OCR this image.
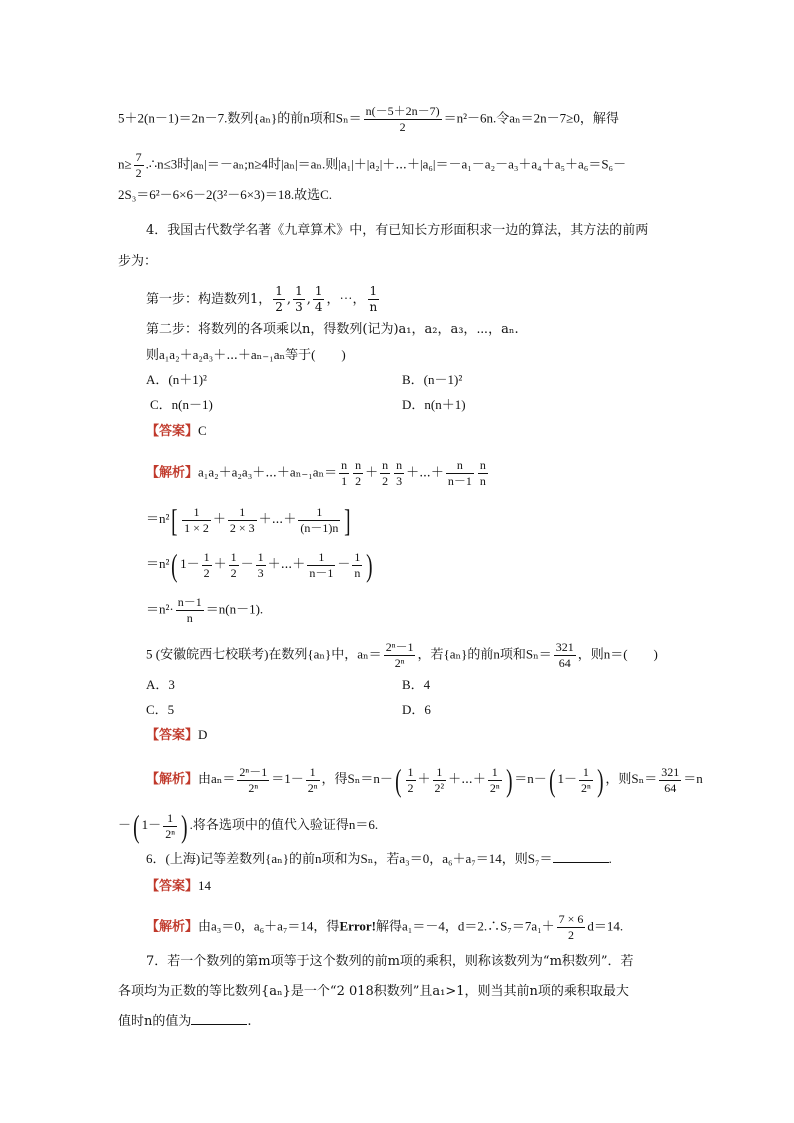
5＋2(n－1)＝2n－7.数列{aₙ}的前n项和$S_n= \frac{n(-5+2n-7)}{2} =n^2-6n$.令aₙ＝2n－7≥0，解得
$n\ge \frac{7}{2}$ .∴n≤3时|aₙ|＝－aₙ;n≥4时|aₙ|＝aₙ.则|a₁|＋|a₂|＋⋯＋|a₆|＝－a₁－a₂－a₃＋a₄＋a₅＋a₆＝S₆－
2S₃＝6²－6×6－2(3²－6×3)＝18.故选C.
4．我国古代数学名著《九章算术》中，有已知长方形面积求一边的算法，其方法的前两
步为：
第一步：构造数列1， $\frac{1}{2}$ , $\frac{1}{3}$ , $\frac{1}{4}$ ，⋯， $\frac{1}{n}$
第二步：将数列的各项乘以n，得数列(记为)a₁，a₂，a₃，⋯，aₙ.
则a₁a₂＋a₂a₃＋⋯＋aₙ₋₁aₙ等于(　　)
A．(n＋1)²	B．(n－1)²
C．n(n－1)	D．n(n＋1)
【答案】C
【解析】a₁a₂＋a₂a₃＋⋯＋aₙ₋₁aₙ＝ $\frac{n}{1} \frac{n}{2} + \frac{n}{2} \frac{n}{3}$ ＋⋯＋ $\frac{n}{n-1} \frac{n}{n}$
$=n^2[ \frac{1}{1 \times 2} + \frac{1}{2 \times 3}$ ＋⋯＋ $\frac{1}{(n-1)n}$ ]
＝n²( $1- \frac{1}{2} + \frac{1}{2} - \frac{1}{3}$ ＋⋯＋ $\frac{1}{n-1} - \frac{1}{n}$ )
$=n^2\cdot \frac{n-1}{n} =n(n-1)$.
5 (安徽皖西七校联考)在数列{aₙ}中，$a_n= \frac{\text{2ⁿ－1}}{\text{2ⁿ}}$ ，若{aₙ}的前n项和$S_n= \frac{321}{64}$ ，则n＝(　　)
A．3	B．4
C．5	D．6
【答案】D
【解析】由$a_n= \frac{\text{2ⁿ－1}}{\text{2ⁿ}} =1- \frac{1}{\text{2ⁿ}}$ ，得$S_n=n-( \frac{1}{2} + \frac{1}{\text{2²}}$ ＋⋯＋ $\frac{1}{\text{2ⁿ}}$ ) ＝n－( $1- \frac{1}{\text{2ⁿ}}$ ) ，则$S_n= \frac{321}{64} =n$
－( $1- \frac{1}{\text{2ⁿ}}$ ) .将各选项中的值代入验证得n＝6.
6．(上海)记等差数列{aₙ}的前n项和为Sₙ，若a₃＝0，a₆＋a₇＝14，则S₇＝	.
【答案】14
【解析】由a₃＝0，a₆＋a₇＝14，得Error!解得a₁＝－4，d＝2.∴S₇＝7a₁＋ $\frac{7 \times 6}{2} d=14$.
7．若一个数列的第m项等于这个数列的前m项的乘积，则称该数列为“m积数列”．若
各项均为正数的等比数列{aₙ}是一个“2 018积数列”且a₁>1，则当其前n项的乘积取最大
值时n的值为	.
